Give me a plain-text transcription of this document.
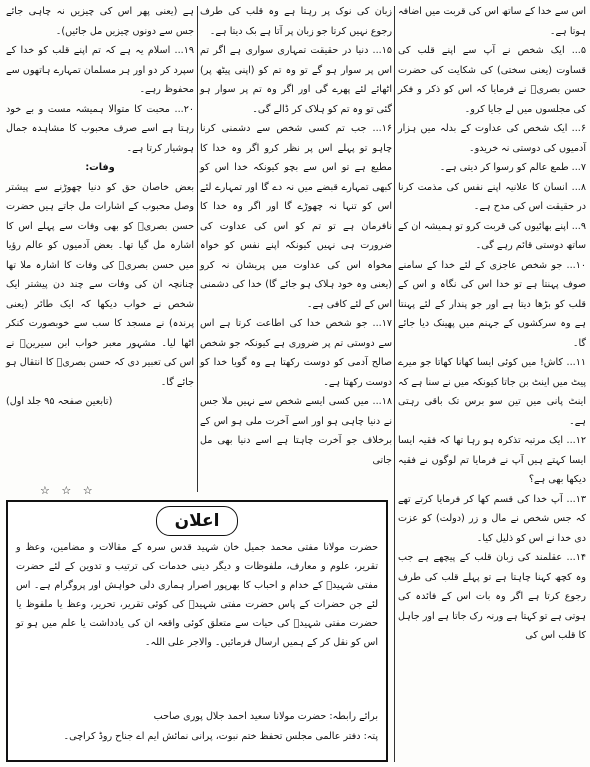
اس سے خدا کے ساتھ اس کی قربت میں اضافہ ہوتا ہے۔

۵... ایک شخص نے آپ سے اپنے قلب کی قساوت (یعنی سختی) کی شکایت کی حضرت حسن بصریؒ نے فرمایا کہ اس کو ذکر و فکر کی مجلسوں میں لے جایا کرو۔

۶... ایک شخص کی عداوت کے بدلہ میں ہزار آدمیوں کی دوستی نہ خریدو۔

۷... طمع عالم کو رسوا کر دیتی ہے۔

۸... انسان کا علانیہ اپنے نفس کی مذمت کرنا در حقیقت اس کی مدح ہے۔

۹... اپنے بھائیوں کی قربت کرو تو ہمیشہ ان کے ساتھ دوستی قائم رہے گی۔

۱۰... جو شخص عاجزی کے لئے خدا کے سامنے صوف پہنتا ہے تو خدا اس کی نگاہ و اس کے قلب کو بڑھا دیتا ہے اور جو پندار کے لئے پہنتا ہے وہ سرکشوں کے جہنم میں پھینک دیا جائے گا۔

۱۱... کاش! میں کوئی ایسا کھانا کھاتا جو میرے پیٹ میں اینٹ بن جاتا کیونکہ میں نے سنا ہے کہ اینٹ پانی میں تین سو برس تک باقی رہتی ہے۔

۱۲... ایک مرتبہ تذکرہ ہو رہا تھا کہ فقیہ ایسا ایسا کہتے ہیں آپ نے فرمایا تم لوگوں نے فقیہ دیکھا بھی ہے؟

۱۳... آپ خدا کی قسم کھا کر فرمایا کرتے تھے کہ جس شخص نے مال و زر (دولت) کو عزت دی خدا نے اس کو ذلیل کیا۔

۱۴... عقلمند کی زبان قلب کے پیچھے ہے جب وہ کچھ کہنا چاہتا ہے تو پہلے قلب کی طرف رجوع کرتا ہے اگر وہ بات اس کے فائدہ کی ہوتی ہے تو کہتا ہے ورنہ رک جاتا ہے اور جاہل کا قلب اس کی

زبان کی نوک پر رہتا ہے وہ قلب کی طرف رجوع نہیں کرتا جو زبان پر آتا ہے بک دیتا ہے۔

۱۵... دنیا در حقیقت تمہاری سواری ہے اگر تم اس پر سوار ہو گے تو وہ تم کو (اپنی پیٹھ پر) اٹھائے لئے پھرے گی اور اگر وہ تم پر سوار ہو گئی تو وہ تم کو ہلاک کر ڈالے گی۔

۱۶... جب تم کسی شخص سے دشمنی کرنا چاہو تو پہلے اس پر نظر کرو اگر وہ خدا کا مطیع ہے تو اس سے بچو کیونکہ خدا اس کو کبھی تمہارے قبضے میں نہ دے گا اور تمہارے لئے اس کو تنہا نہ چھوڑے گا اور اگر وہ خدا کا نافرمان ہے تو تم کو اس کی عداوت کی ضرورت ہی نہیں کیونکہ اپنے نفس کو خواہ مخواہ اس کی عداوت میں پریشان نہ کرو (یعنی وہ خود ہلاک ہو جائے گا) خدا کی دشمنی اس کے لئے کافی ہے۔

۱۷... جو شخص خدا کی اطاعت کرتا ہے اس سے دوستی تم پر ضروری ہے کیونکہ جو شخص صالح آدمی کو دوست رکھتا ہے وہ گویا خدا کو دوست رکھتا ہے۔

۱۸... میں کسی ایسے شخص سے نہیں ملا جس نے دنیا چاہی ہو اور اسے آخرت ملی ہو اس کے برخلاف جو آخرت چاہتا ہے اسے دنیا بھی مل جاتی

ہے (یعنی پھر اس کی چیزیں نہ چاہی جائے جس سے دونوں چیزیں مل جائیں)۔

۱۹... اسلام یہ ہے کہ تم اپنے قلب کو خدا کے سپرد کر دو اور ہر مسلمان تمہارے ہاتھوں سے محفوظ رہے۔

۲۰... محبت کا متوالا ہمیشہ مست و بے خود رہتا ہے اسے صرف محبوب کا مشاہدہ جمال ہوشیار کرتا ہے۔

وفات:

بعض خاصان حق کو دنیا چھوڑنے سے پیشتر وصل محبوب کے اشارات مل جاتے ہیں حضرت حسن بصریؒ کو بھی وفات سے پہلے اس کا اشارہ مل گیا تھا۔ بعض آدمیوں کو عالم رؤیا میں حسن بصریؒ کی وفات کا اشارہ ملا تھا چنانچہ ان کی وفات سے چند دن پیشتر ایک شخص نے خواب دیکھا کہ ایک طائر (یعنی پرندہ) نے مسجد کا سب سے خوبصورت کنکر اٹھا لیا۔ مشہور معبر خواب ابن سیرینؒ نے اس کی تعبیر دی کہ حسن بصریؒ کا انتقال ہو جائے گا۔

(تابعین صفحہ ۹۵ جلد اول)

☆ ☆ ☆
اعلان

حضرت مولانا مفتی محمد جمیل خان شہید قدس سرہ کے مقالات و مضامین، وعظ و تقریر، علوم و معارف، ملفوظات و دیگر دینی خدمات کی ترتیب و تدوین کے لئے حضرت مفتی شہیدؒ کے خدام و احباب کا بھرپور اصرار ہماری دلی خواہش اور پروگرام ہے۔ اس لئے جن حضرات کے پاس حضرت مفتی شہیدؒ کی کوئی تقریر، تحریر، وعظ یا ملفوظ یا حضرت مفتی شہیدؒ کی حیات سے متعلق کوئی واقعہ ان کی یادداشت یا علم میں ہو تو اس کو نقل کر کے ہمیں ارسال فرمائیں۔ والاجر علی اللہ۔

برائے رابطہ: حضرت مولانا سعید احمد جلال پوری صاحب

پتہ: دفتر عالمی مجلس تحفظ ختم نبوت، پرانی نمائش ایم اے جناح روڈ کراچی۔
